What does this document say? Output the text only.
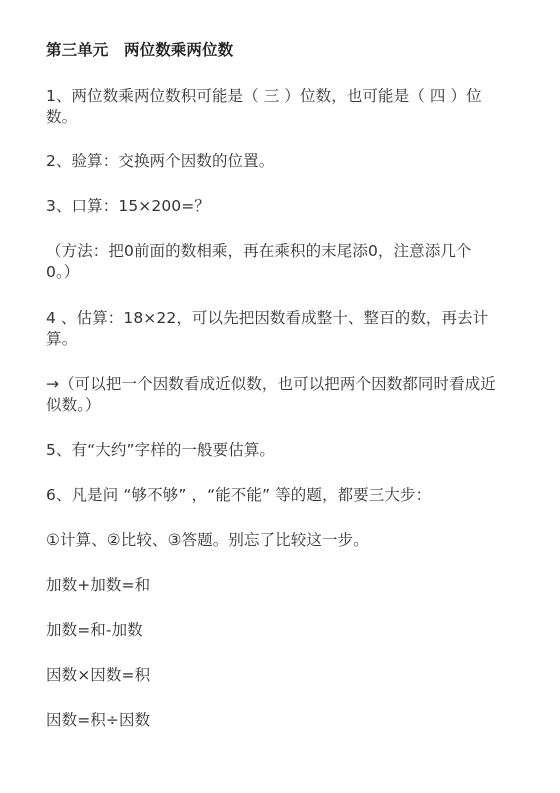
第三单元　两位数乘两位数
1、两位数乘两位数积可能是（ 三 ）位数，也可能是（ 四 ）位
数。
2、验算：交换两个因数的位置。
3、口算：15×200=？
（方法：把0前面的数相乘，再在乘积的末尾添0，注意添几个
0。）
4 、估算：18×22，可以先把因数看成整十、整百的数，再去计
算。
→（可以把一个因数看成近似数，也可以把两个因数都同时看成近
似数。）
5、有“大约”字样的一般要估算。
6、凡是问 “够不够” ，“能不能” 等的题，都要三大步：
①计算、②比较、③答题。别忘了比较这一步。
加数+加数=和
加数=和-加数
因数×因数=积
因数=积÷因数
